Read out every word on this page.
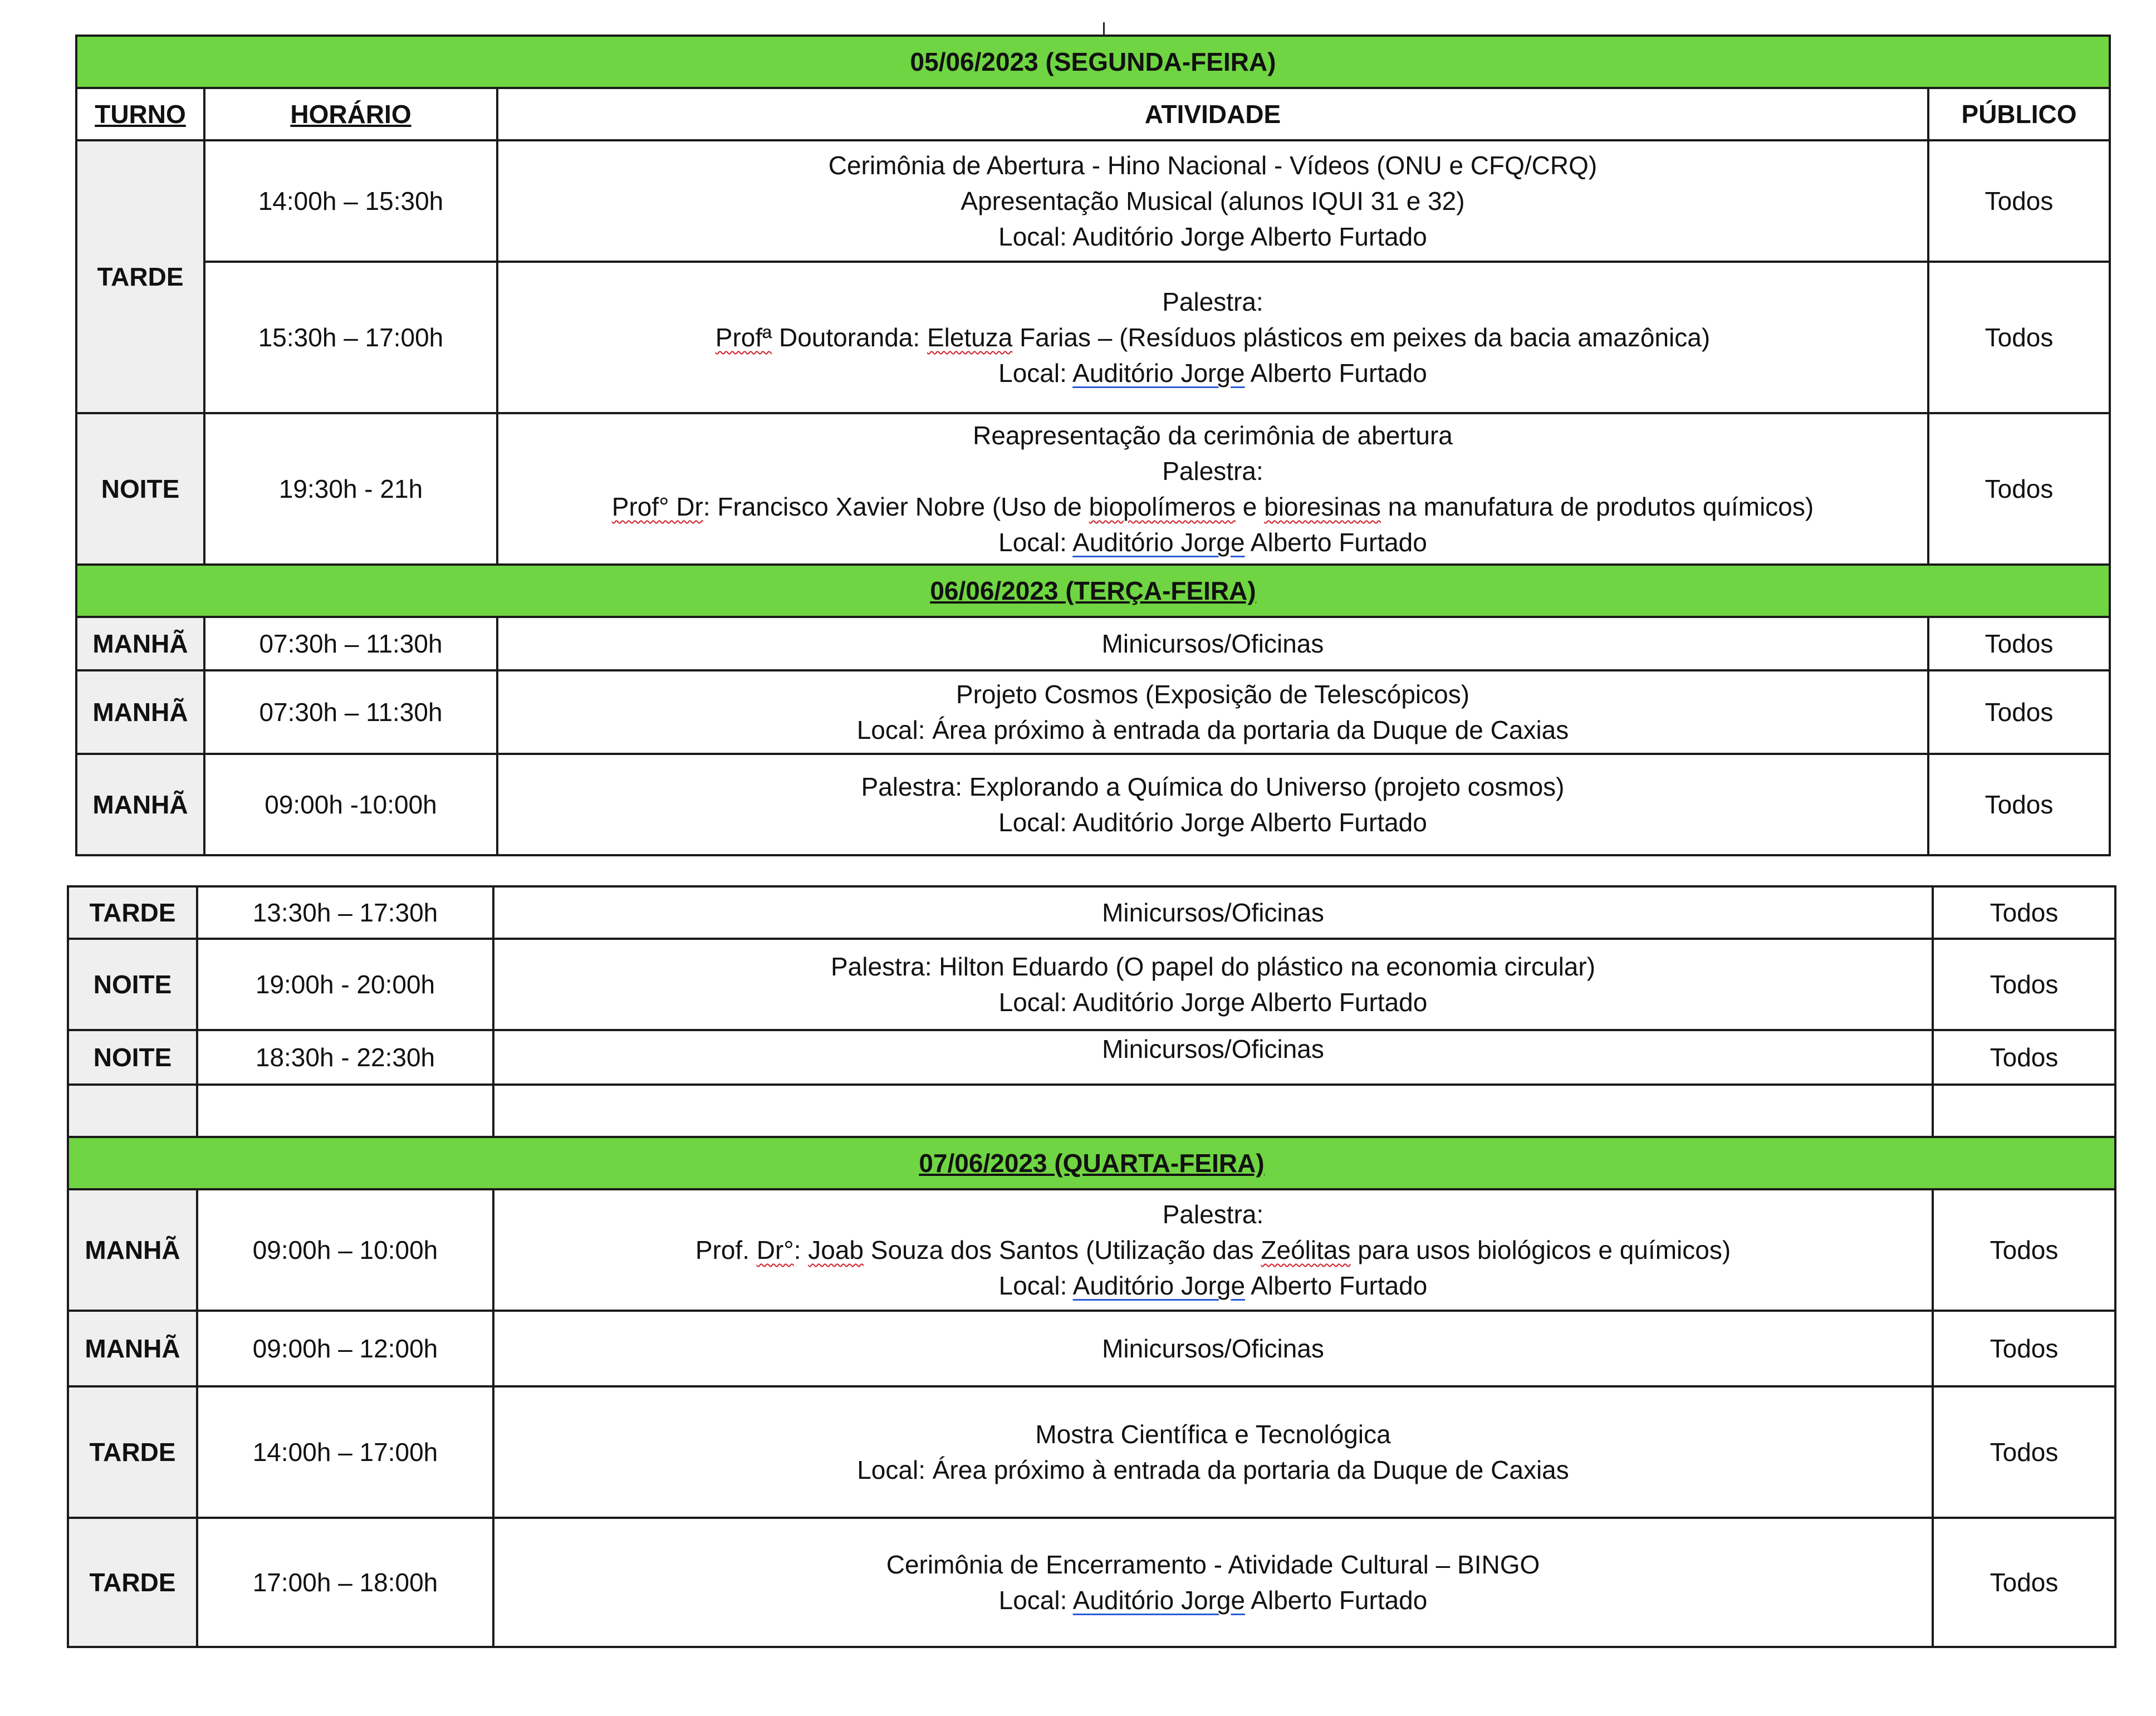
05/06/2023 (SEGUNDA-FEIRA)			
TURNO	HORÁRIO	ATIVIDADE	PÚBLICO
TARDE	14:00h – 15:30h	Cerimônia de Abertura - Hino Nacional - Vídeos (ONU e CFQ/CRQ)
Apresentação Musical (alunos IQUI 31 e 32)
Local: Auditório Jorge Alberto Furtado	Todos
	15:30h – 17:00h	Palestra:
Profª Doutoranda: Eletuza Farias – (Resíduos plásticos em peixes da bacia amazônica)
Local: Auditório Jorge Alberto Furtado	Todos
NOITE	19:30h - 21h	Reapresentação da cerimônia de abertura
Palestra:
Prof° Dr: Francisco Xavier Nobre (Uso de biopolímeros e bioresinas na manufatura de produtos químicos)
Local: Auditório Jorge Alberto Furtado	Todos
06/06/2023 (TERÇA-FEIRA)			
MANHÃ	07:30h – 11:30h	Minicursos/Oficinas	Todos
MANHÃ	07:30h – 11:30h	Projeto Cosmos (Exposição de Telescópicos)
Local: Área próximo à entrada da portaria da Duque de Caxias	Todos
MANHÃ	09:00h -10:00h	Palestra: Explorando a Química do Universo (projeto cosmos)
Local: Auditório Jorge Alberto Furtado	Todos
TARDE	13:30h – 17:30h	Minicursos/Oficinas	Todos
NOITE	19:00h - 20:00h	Palestra: Hilton Eduardo (O papel do plástico na economia circular)
Local: Auditório Jorge Alberto Furtado	Todos
NOITE	18:30h - 22:30h	Minicursos/Oficinas	Todos

07/06/2023 (QUARTA-FEIRA)			
MANHÃ	09:00h – 10:00h	Palestra:
Prof. Dr°: Joab Souza dos Santos (Utilização das Zeólitas para usos biológicos e químicos)
Local: Auditório Jorge Alberto Furtado	Todos
MANHÃ	09:00h – 12:00h	Minicursos/Oficinas	Todos
TARDE	14:00h – 17:00h	Mostra Científica e Tecnológica
Local: Área próximo à entrada da portaria da Duque de Caxias	Todos
TARDE	17:00h – 18:00h	Cerimônia de Encerramento - Atividade Cultural – BINGO
Local: Auditório Jorge Alberto Furtado	Todos
